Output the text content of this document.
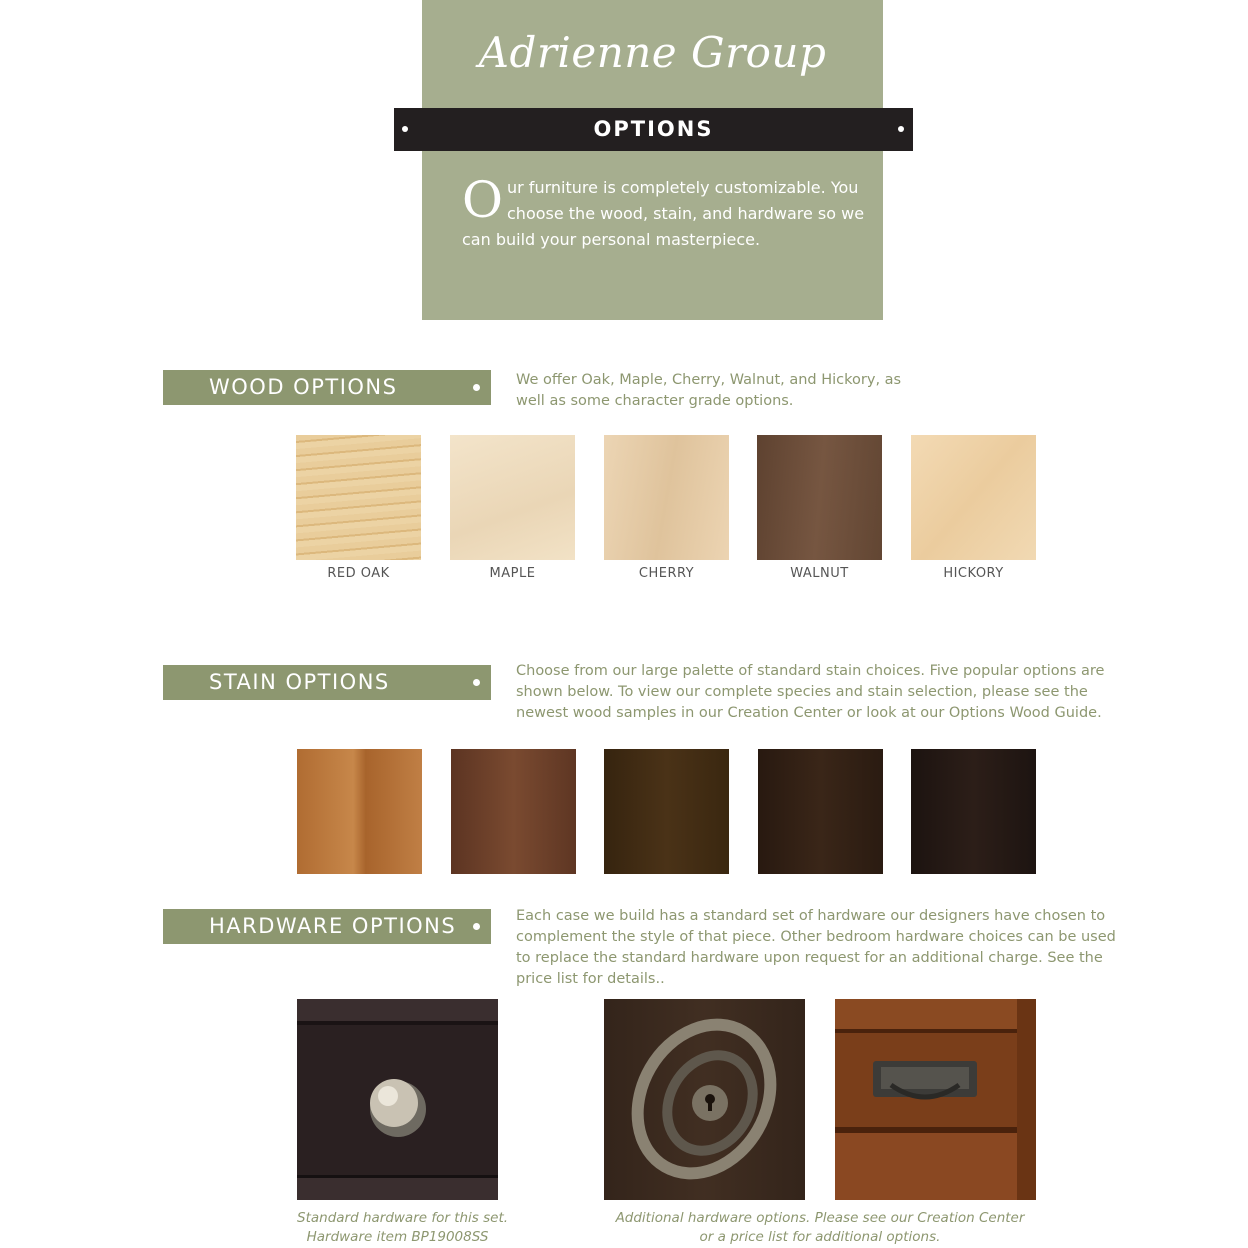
Adrienne Group
OPTIONS
O ur furniture is completely customizable. You
choose the wood, stain, and hardware so we
can build your personal masterpiece.
WOOD OPTIONS	We offer Oak, Maple, Cherry, Walnut, and Hickory, as
well as some character grade options.
RED OAK	MAPLE	CHERRY	WALNUT	HICKORY
STAIN OPTIONS	Choose from our large palette of standard stain choices. Five popular options are
shown below. To view our complete species and stain selection, please see the
newest wood samples in our Creation Center or look at our Options Wood Guide.
HARDWARE OPTIONS	Each case we build has a standard set of hardware our designers have chosen to
complement the style of that piece. Other bedroom hardware choices can be used
to replace the standard hardware upon request for an additional charge. See the
price list for details..
Standard hardware for this set.
Hardware item BP19008SS
Additional hardware options. Please see our Creation Center
or a price list for additional options.
